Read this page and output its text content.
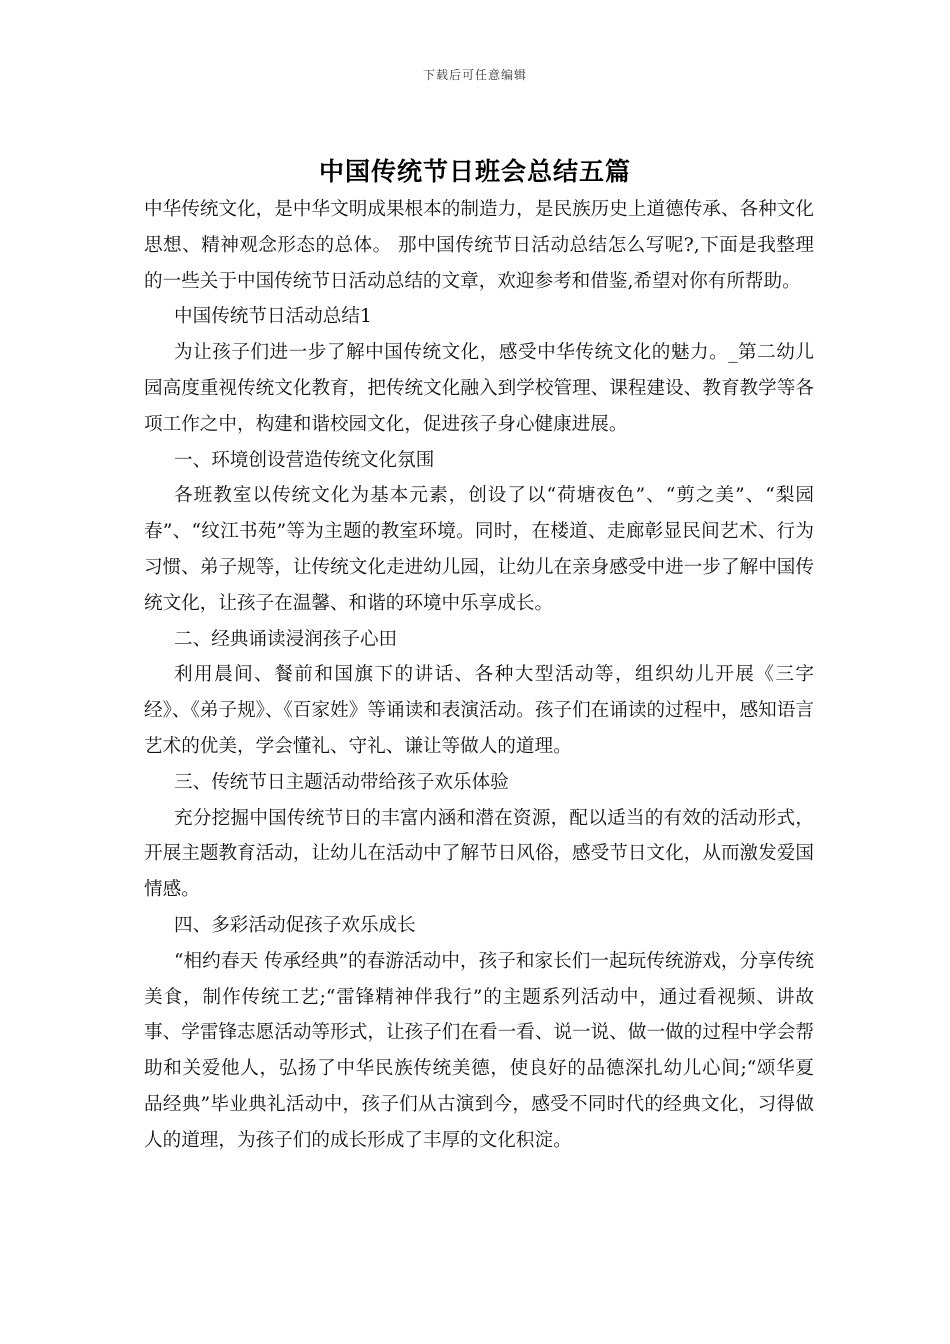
下载后可任意编辑
中国传统节日班会总结五篇

中华传统文化，是中华文明成果根本的制造力，是民族历史上道德传承、各种文化思想、精神观念形态的总体。 那中国传统节日活动总结怎么写呢?,下面是我整理的一些关于中国传统节日活动总结的文章，欢迎参考和借鉴,希望对你有所帮助。

中国传统节日活动总结1

为让孩子们进一步了解中国传统文化，感受中华传统文化的魅力。_第二幼儿园高度重视传统文化教育，把传统文化融入到学校管理、课程建设、教育教学等各项工作之中，构建和谐校园文化，促进孩子身心健康进展。

一、环境创设营造传统文化氛围

各班教室以传统文化为基本元素，创设了以“荷塘夜色”、“剪之美”、“梨园春”、“纹江书苑”等为主题的教室环境。同时，在楼道、走廊彰显民间艺术、行为习惯、弟子规等，让传统文化走进幼儿园，让幼儿在亲身感受中进一步了解中国传统文化，让孩子在温馨、和谐的环境中乐享成长。

二、经典诵读浸润孩子心田

利用晨间、餐前和国旗下的讲话、各种大型活动等，组织幼儿开展《三字经》、《弟子规》、《百家姓》等诵读和表演活动。孩子们在诵读的过程中，感知语言艺术的优美，学会懂礼、守礼、谦让等做人的道理。

三、传统节日主题活动带给孩子欢乐体验

充分挖掘中国传统节日的丰富内涵和潜在资源，配以适当的有效的活动形式，开展主题教育活动，让幼儿在活动中了解节日风俗，感受节日文化，从而激发爱国情感。

四、多彩活动促孩子欢乐成长

“相约春天 传承经典”的春游活动中，孩子和家长们一起玩传统游戏，分享传统美食，制作传统工艺;“雷锋精神伴我行”的主题系列活动中，通过看视频、讲故事、学雷锋志愿活动等形式，让孩子们在看一看、说一说、做一做的过程中学会帮助和关爱他人，弘扬了中华民族传统美德，使良好的品德深扎幼儿心间;“颂华夏 品经典”毕业典礼活动中，孩子们从古演到今，感受不同时代的经典文化，习得做人的道理，为孩子们的成长形成了丰厚的文化积淀。
